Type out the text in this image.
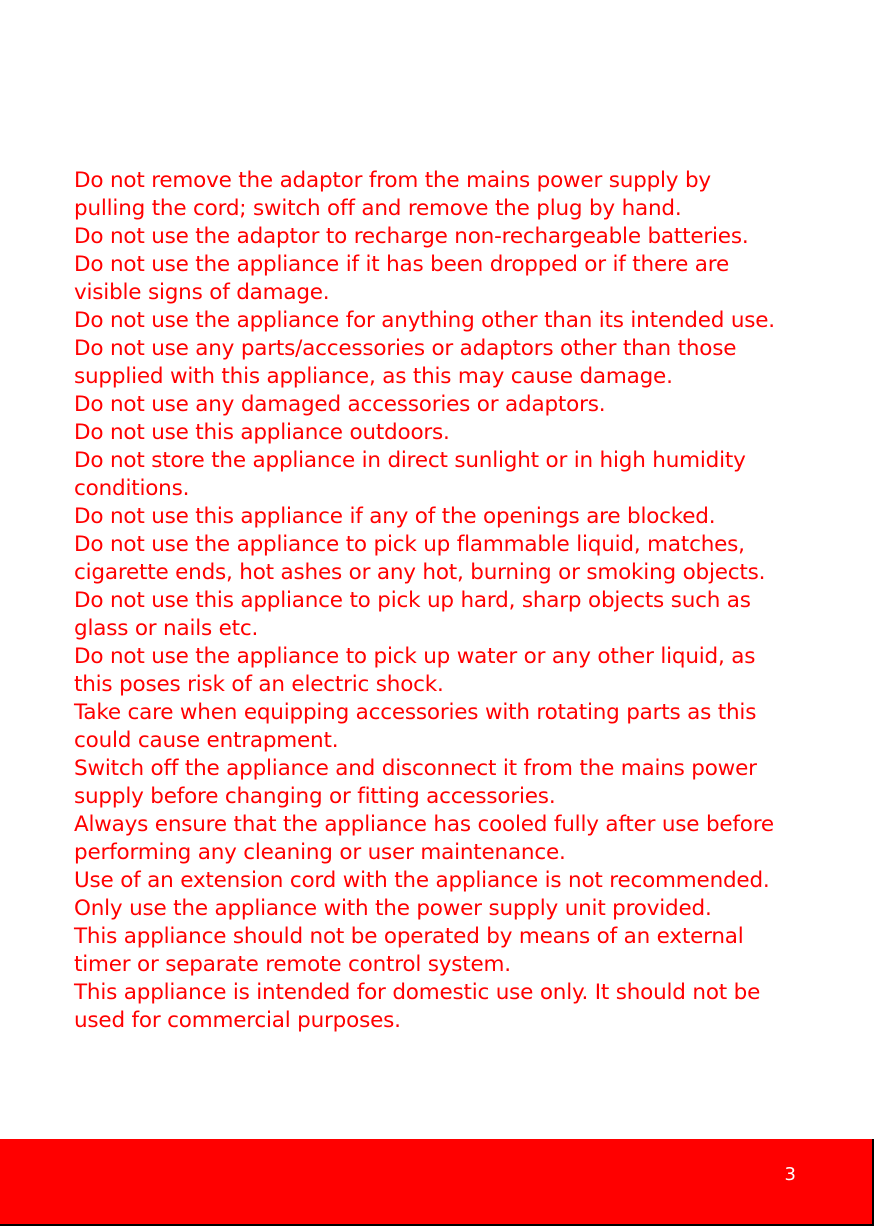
Do not remove the adaptor from the mains power supply by
pulling the cord; switch off and remove the plug by hand.
Do not use the adaptor to recharge non-rechargeable batteries.
Do not use the appliance if it has been dropped or if there are
visible signs of damage.
Do not use the appliance for anything other than its intended use.
Do not use any parts/accessories or adaptors other than those
supplied with this appliance, as this may cause damage.
Do not use any damaged accessories or adaptors.
Do not use this appliance outdoors.
Do not store the appliance in direct sunlight or in high humidity
conditions.
Do not use this appliance if any of the openings are blocked.
Do not use the appliance to pick up flammable liquid, matches,
cigarette ends, hot ashes or any hot, burning or smoking objects.
Do not use this appliance to pick up hard, sharp objects such as
glass or nails etc.
Do not use the appliance to pick up water or any other liquid, as
this poses risk of an electric shock.
Take care when equipping accessories with rotating parts as this
could cause entrapment.
Switch off the appliance and disconnect it from the mains power
supply before changing or fitting accessories.
Always ensure that the appliance has cooled fully after use before
performing any cleaning or user maintenance.
Use of an extension cord with the appliance is not recommended.
Only use the appliance with the power supply unit provided.
This appliance should not be operated by means of an external
timer or separate remote control system.
This appliance is intended for domestic use only. It should not be
used for commercial purposes.
3
